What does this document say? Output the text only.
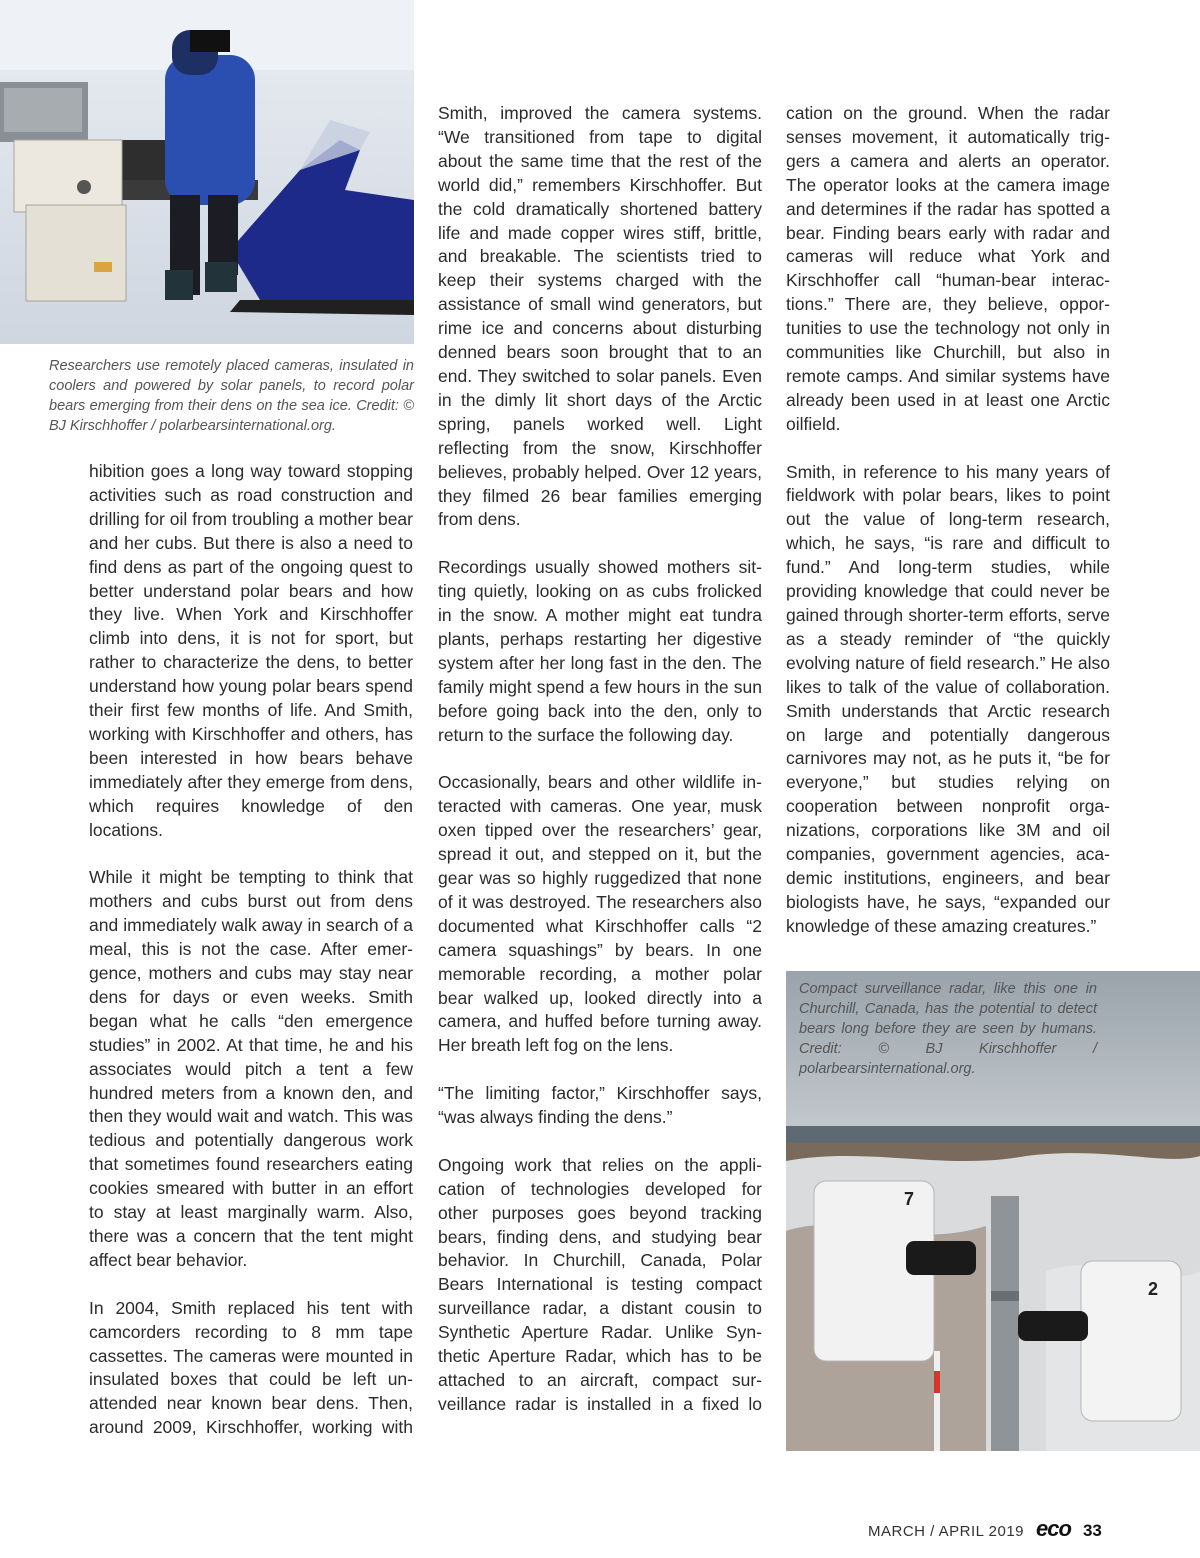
Researchers use remotely placed cameras, insulated in coolers and powered by solar panels, to record polar bears emerging from their dens on the sea ice. Credit: © BJ Kirschhoffer / polarbearsinternational.org.

hibition goes a long way toward stopping activities such as road construction and drilling for oil from troubling a mother bear and her cubs. But there is also a need to find dens as part of the ongoing quest to better understand polar bears and how they live. When York and Kirschhoffer climb into dens, it is not for sport, but rather to characterize the dens, to better understand how young polar bears spend their first few months of life. And Smith, working with Kirschhoffer and others, has been interested in how bears behave immediately after they emerge from dens, which requires knowledge of den locations.

While it might be tempting to think that mothers and cubs burst out from dens and immediately walk away in search of a meal, this is not the case. After emergence, mothers and cubs may stay near dens for days or even weeks. Smith began what he calls “den emergence studies” in 2002. At that time, he and his associates would pitch a tent a few hundred meters from a known den, and then they would wait and watch. This was tedious and potentially dangerous work that sometimes found researchers eating cookies smeared with butter in an effort to stay at least marginally warm. Also, there was a concern that the tent might affect bear behavior.

In 2004, Smith replaced his tent with camcorders recording to 8 mm tape cassettes. The cameras were mounted in insulated boxes that could be left unattended near known bear dens. Then, around 2009, Kirschhoffer, working with

Smith, improved the camera systems. “We transitioned from tape to digital about the same time that the rest of the world did,” remembers Kirschhoffer. But the cold dramatically shortened battery life and made copper wires stiff, brittle, and breakable. The scientists tried to keep their systems charged with the assistance of small wind generators, but rime ice and concerns about disturbing denned bears soon brought that to an end. They switched to solar panels. Even in the dimly lit short days of the Arctic spring, panels worked well. Light reflecting from the snow, Kirschhoffer believes, probably helped. Over 12 years, they filmed 26 bear families emerging from dens.

Recordings usually showed mothers sitting quietly, looking on as cubs frolicked in the snow. A mother might eat tundra plants, perhaps restarting her digestive system after her long fast in the den. The family might spend a few hours in the sun before going back into the den, only to return to the surface the following day.

Occasionally, bears and other wildlife interacted with cameras. One year, musk oxen tipped over the researchers’ gear, spread it out, and stepped on it, but the gear was so highly ruggedized that none of it was destroyed. The researchers also documented what Kirschhoffer calls “2 camera squashings” by bears. In one memorable recording, a mother polar bear walked up, looked directly into a camera, and huffed before turning away. Her breath left fog on the lens.

“The limiting factor,” Kirschhoffer says, “was always finding the dens.”

Ongoing work that relies on the application of technologies developed for other purposes goes beyond tracking bears, finding dens, and studying bear behavior. In Churchill, Canada, Polar Bears International is testing compact surveillance radar, a distant cousin to Synthetic Aperture Radar. Unlike Synthetic Aperture Radar, which has to be attached to an aircraft, compact surveillance radar is installed in a fixed lo

cation on the ground. When the radar senses movement, it automatically triggers a camera and alerts an operator. The operator looks at the camera image and determines if the radar has spotted a bear. Finding bears early with radar and cameras will reduce what York and Kirschhoffer call “human-bear interactions.” There are, they believe, opportunities to use the technology not only in communities like Churchill, but also in remote camps. And similar systems have already been used in at least one Arctic oilfield.

Smith, in reference to his many years of fieldwork with polar bears, likes to point out the value of long-term research, which, he says, “is rare and difficult to fund.” And long-term studies, while providing knowledge that could never be gained through shorter-term efforts, serve as a steady reminder of “the quickly evolving nature of field research.” He also likes to talk of the value of collaboration. Smith understands that Arctic research on large and potentially dangerous carnivores may not, as he puts it, “be for everyone,” but studies relying on cooperation between nonprofit organizations, corporations like 3M and oil companies, government agencies, academic institutions, engineers, and bear biologists have, he says, “expanded our knowledge of these amazing creatures.”

7
2
Compact surveillance radar, like this one in Churchill, Canada, has the potential to detect bears long before they are seen by humans. Credit: © BJ Kirschhoffer / polarbearsinternational.org.
MARCH / APRIL 2019 eco 33
